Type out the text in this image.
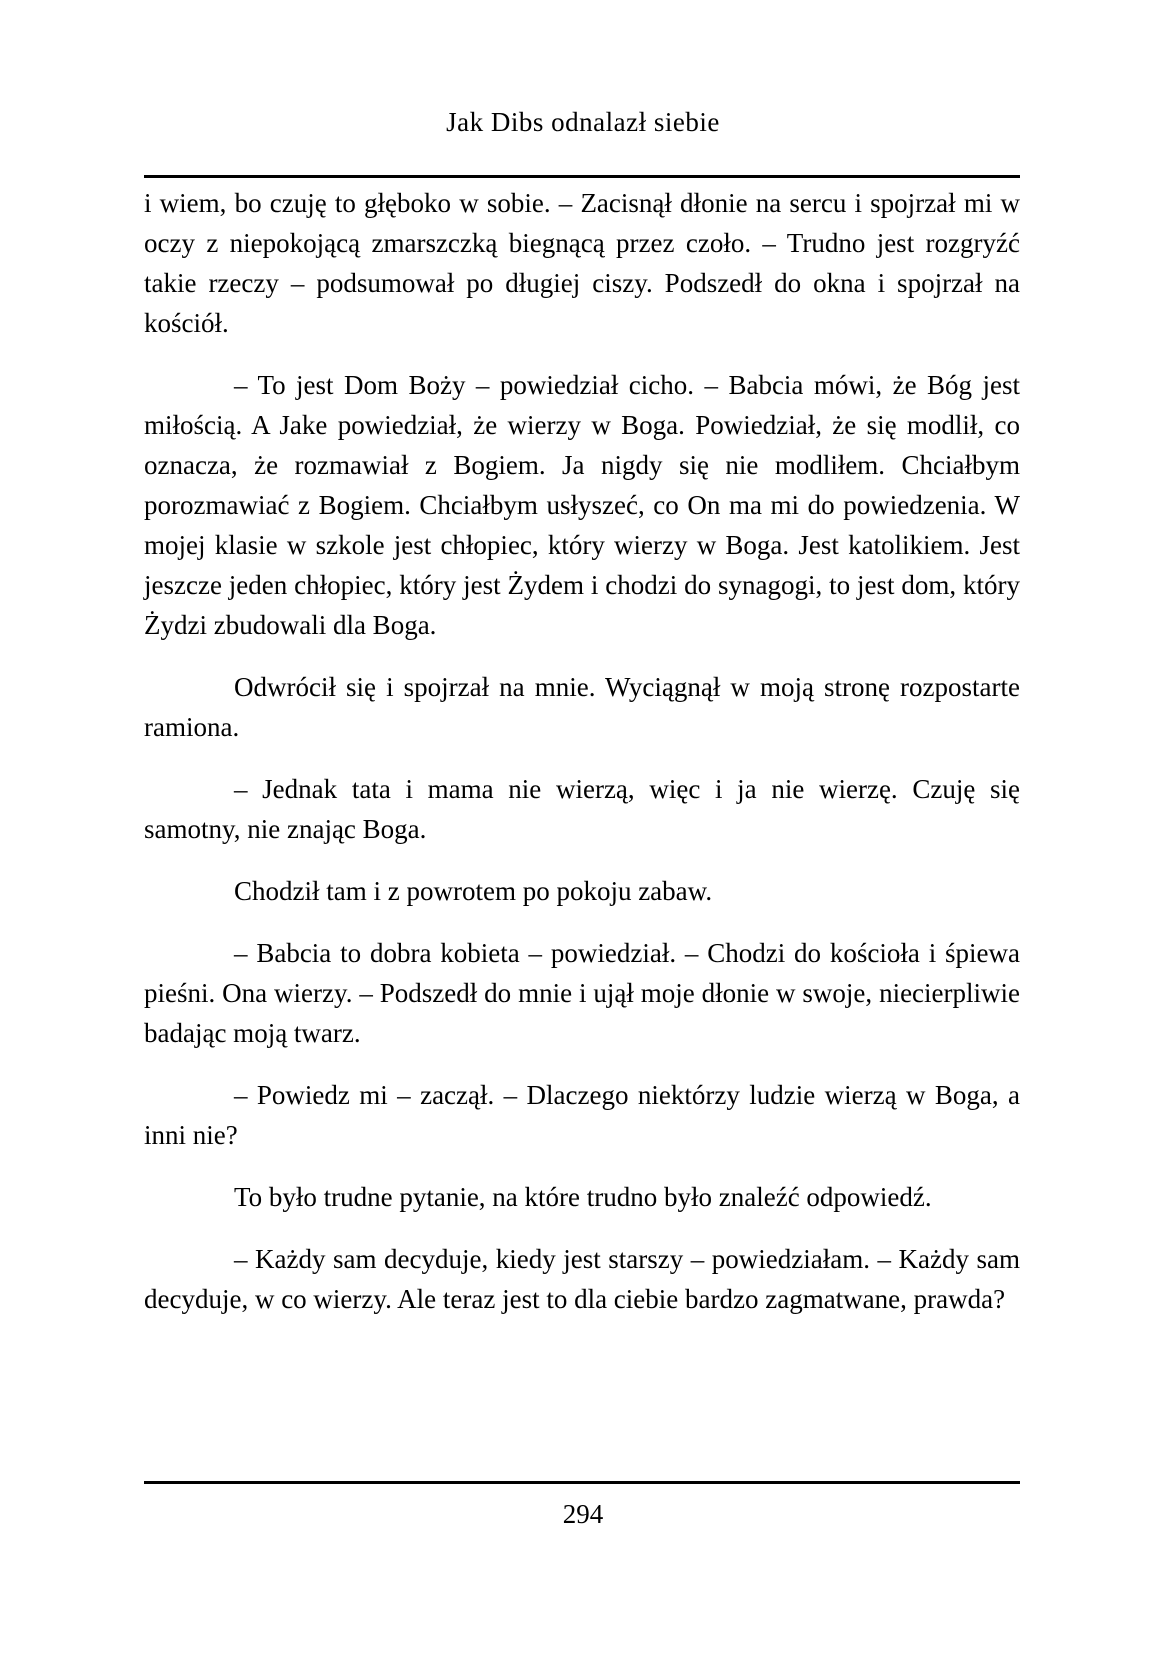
Jak Dibs odnalazł siebie

i wiem, bo czuję to głęboko w sobie. – Zacisnął dłonie na sercu i spojrzał mi w oczy z niepokojącą zmarszczką biegnącą przez czoło. – Trudno jest rozgryźć takie rzeczy – podsumował po długiej ciszy. Podszedł do okna i spojrzał na kościół.

– To jest Dom Boży – powiedział cicho. – Babcia mówi, że Bóg jest miłością. A Jake powiedział, że wierzy w Boga. Powiedział, że się modlił, co oznacza, że rozmawiał z Bogiem. Ja nigdy się nie modliłem. Chciałbym porozmawiać z Bogiem. Chciałbym usłyszeć, co On ma mi do powiedzenia. W mojej klasie w szkole jest chłopiec, który wierzy w Boga. Jest katolikiem. Jest jeszcze jeden chłopiec, który jest Żydem i chodzi do synagogi, to jest dom, który Żydzi zbudowali dla Boga.

Odwrócił się i spojrzał na mnie. Wyciągnął w moją stronę rozpostarte ramiona.

– Jednak tata i mama nie wierzą, więc i ja nie wierzę. Czuję się samotny, nie znając Boga.

Chodził tam i z powrotem po pokoju zabaw.

– Babcia to dobra kobieta – powiedział. – Chodzi do kościoła i śpiewa pieśni. Ona wierzy. – Podszedł do mnie i ujął moje dłonie w swoje, niecierpliwie badając moją twarz.

– Powiedz mi – zaczął. – Dlaczego niektórzy ludzie wierzą w Boga, a inni nie?

To było trudne pytanie, na które trudno było znaleźć odpowiedź.

– Każdy sam decyduje, kiedy jest starszy – powiedziałam. – Każdy sam decyduje, w co wierzy. Ale teraz jest to dla ciebie bardzo zagmatwane, prawda?

294
